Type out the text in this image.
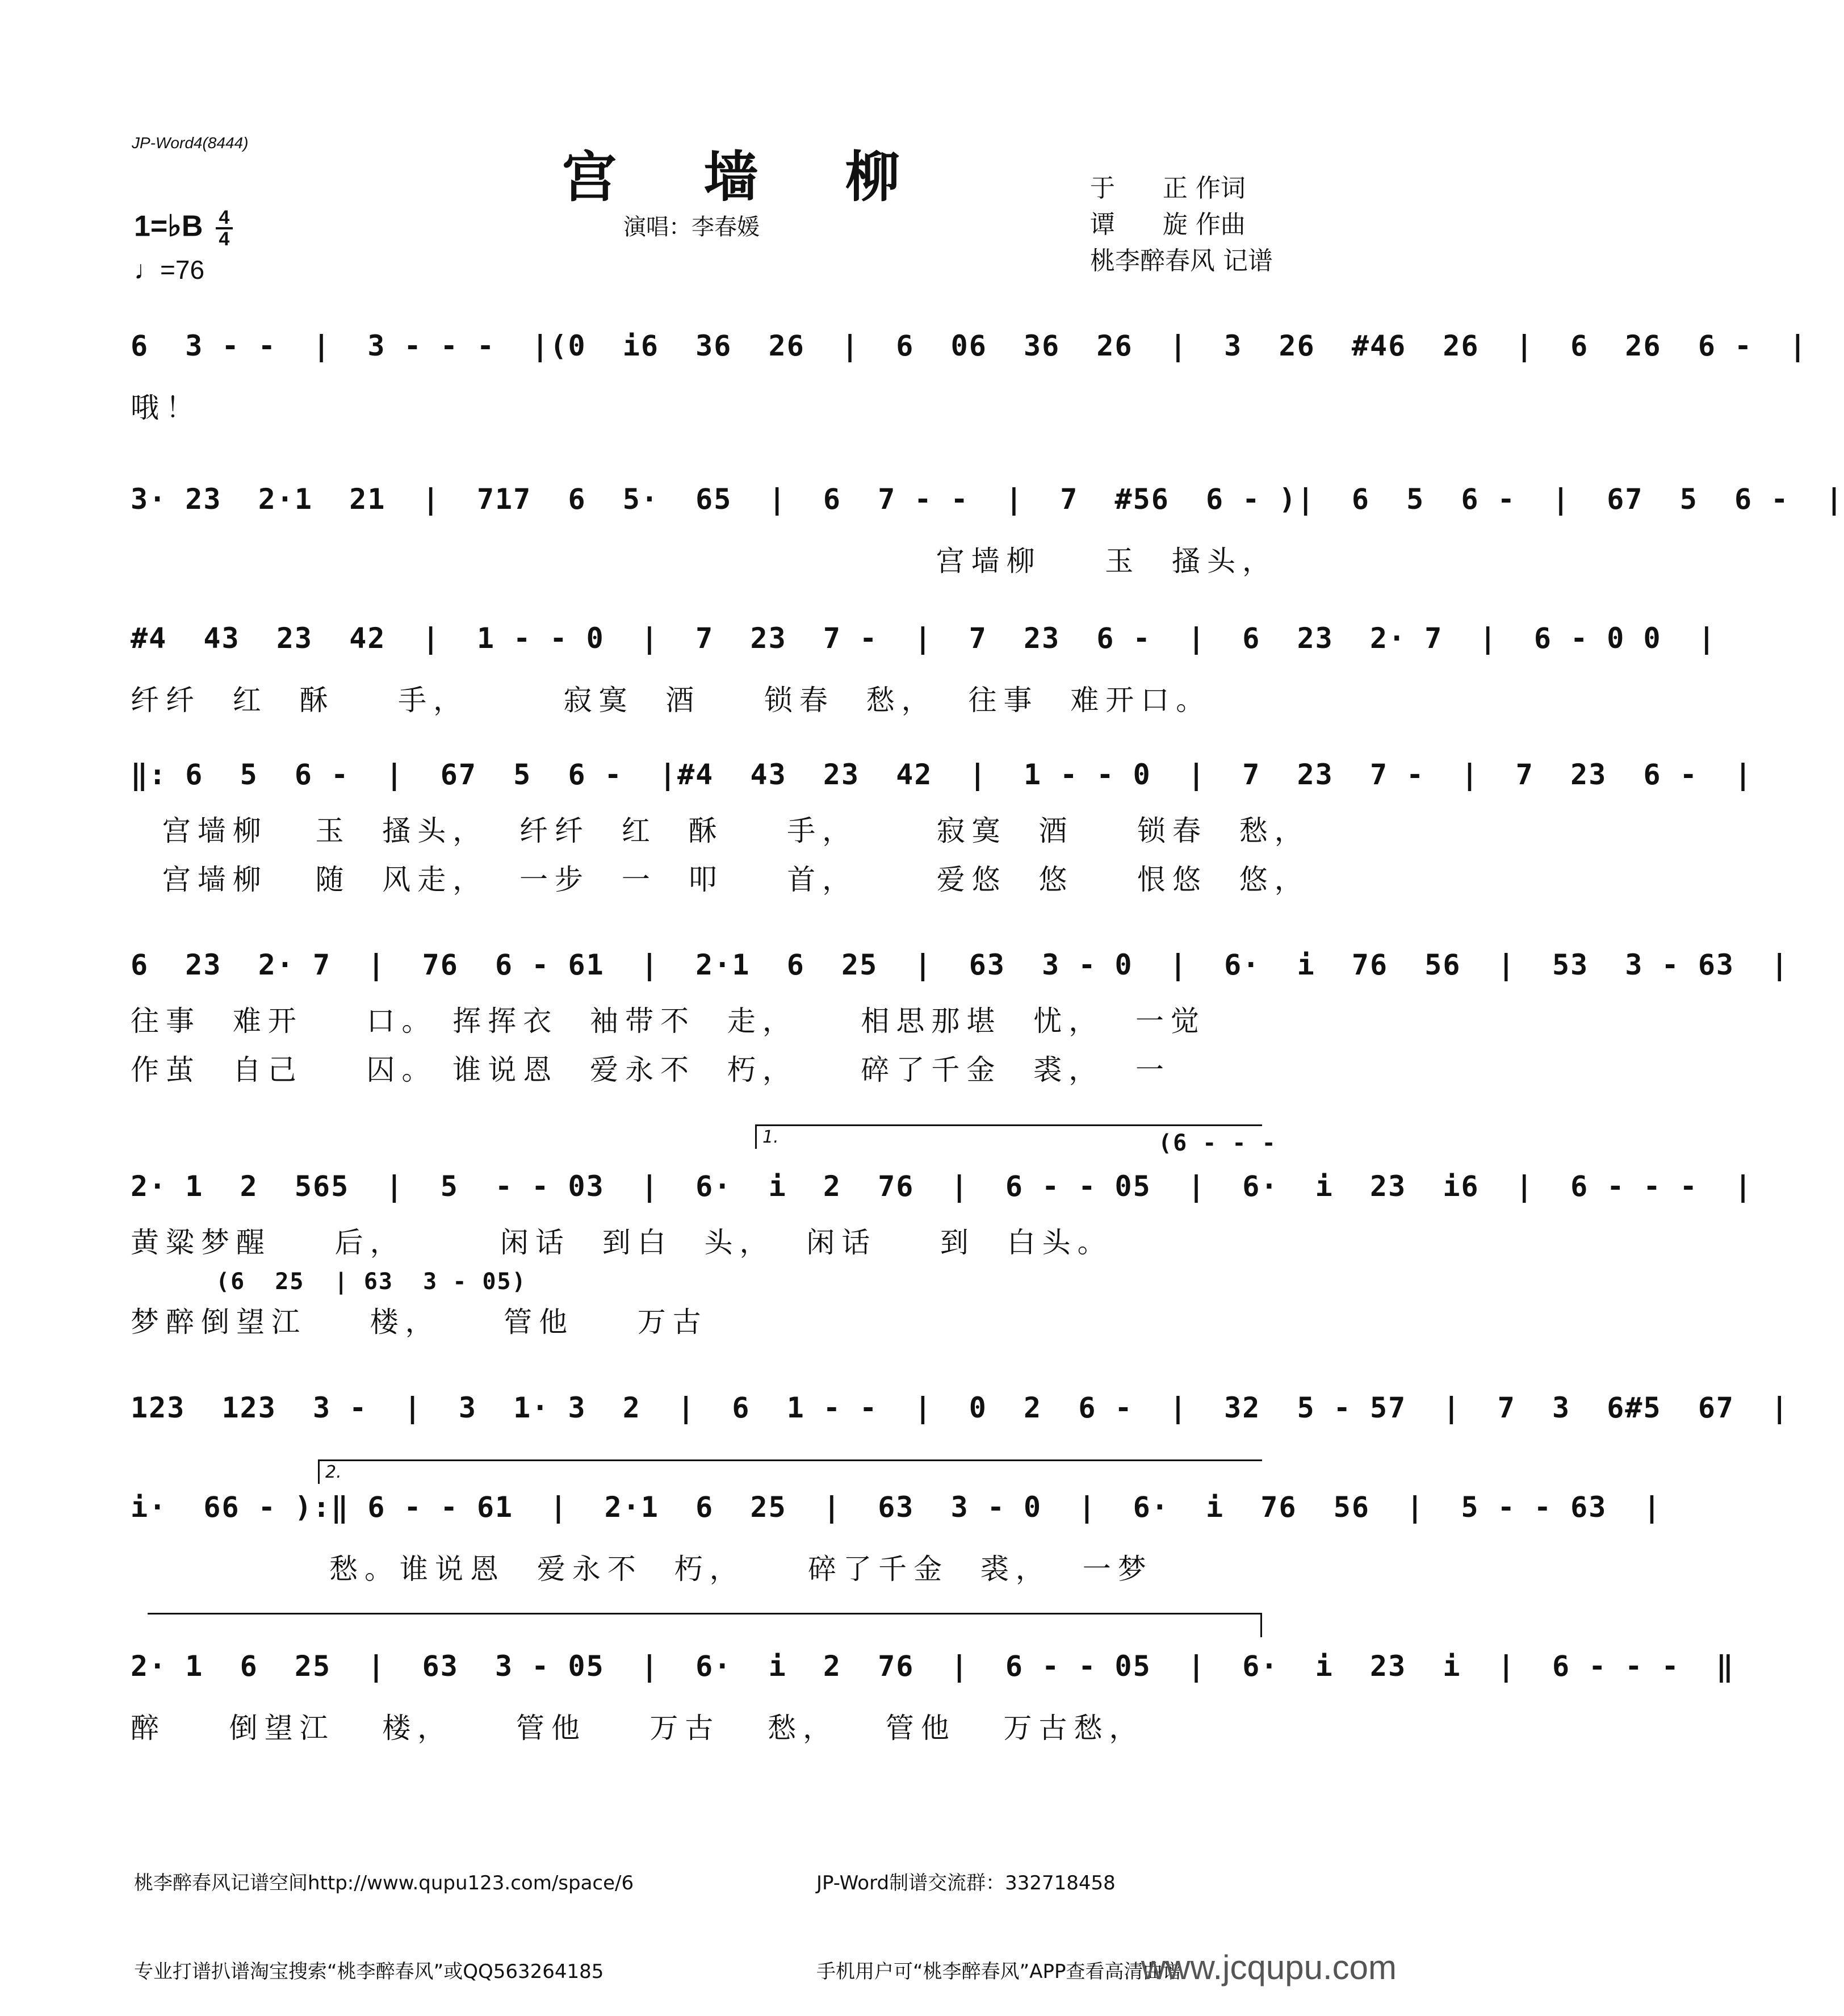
JP-Word4(8444)
宫 墙 柳
演唱：李春媛
于      正 作词
谭      旋 作曲
桃李醉春风 记谱
1=♭B $\frac{4}{4}$
♩=76
6  3 - -  |  3 - - -  |(0  i6  36  26  |  6  06  36  26  |  3  26  #46  26  |  6  26  6 -  |
哦！
3· 23  2·1  21  |  717  6  5·  65  |  6  7 - -  |  7  #56  6 - )|  6  5  6 -  |  67  5  6 -  |
宫墙柳    玉  搔头，
#4  43  23  42  |  1 - - 0  |  7  23  7 -  |  7  23  6 -  |  6  23  2· 7  |  6 - 0 0  |
纤纤  红  酥    手，      寂寞  酒    锁春  愁，  往事  难开口。
‖: 6  5  6 -  |  67  5  6 -  |#4  43  23  42  |  1 - - 0  |  7  23  7 -  |  7  23  6 -  |
宫墙柳   玉  搔头，  纤纤  红  酥    手，     寂寞  酒    锁春  愁，
宫墙柳   随  风走，  一步  一  叩    首，     爱悠  悠    恨悠  悠，
6  23  2· 7  |  76  6 - 61  |  2·1  6  25  |  63  3 - 0  |  6·  i  76  56  |  53  3 - 63  |
往事  难开    口。 挥挥衣  袖带不  走，    相思那堪  忧，  一觉
作茧  自己    囚。 谁说恩  爱永不  朽，    碎了千金  裘，  一
1.	(6 - - -
2· 1  2  565  |  5  - - 03  |  6·  i  2  76  |  6 - - 05  |  6·  i  23  i6  |  6 - - -  |
黄粱梦醒    后，      闲话  到白  头，  闲话    到  白头。
(6  25  | 63  3 - 05)
梦醉倒望江    楼，    管他    万古
123  123  3 -  |  3  1· 3  2  |  6  1 - -  |  0  2  6 -  |  32  5 - 57  |  7  3  6#5  67  |
2.
i·  66 - ):‖ 6 - - 61  |  2·1  6  25  |  63  3 - 0  |  6·  i  76  56  |  5 - - 63  |
愁。谁说恩  爱永不  朽，    碎了千金  裘，  一梦
2· 1  6  25  |  63  3 - 05  |  6·  i  2  76  |  6 - - 05  |  6·  i  23  i  |  6 - - -  ‖
醉    倒望江   楼，    管他    万古   愁，   管他   万古愁，

桃李醉春风记谱空间http://www.qupu123.com/space/6

专业打谱扒谱淘宝搜索“桃李醉春风”或QQ563264185

JP-Word制谱交流群：332718458

手机用户可“桃李醉春风”APP查看高清曲谱

www.jcqupu.com
